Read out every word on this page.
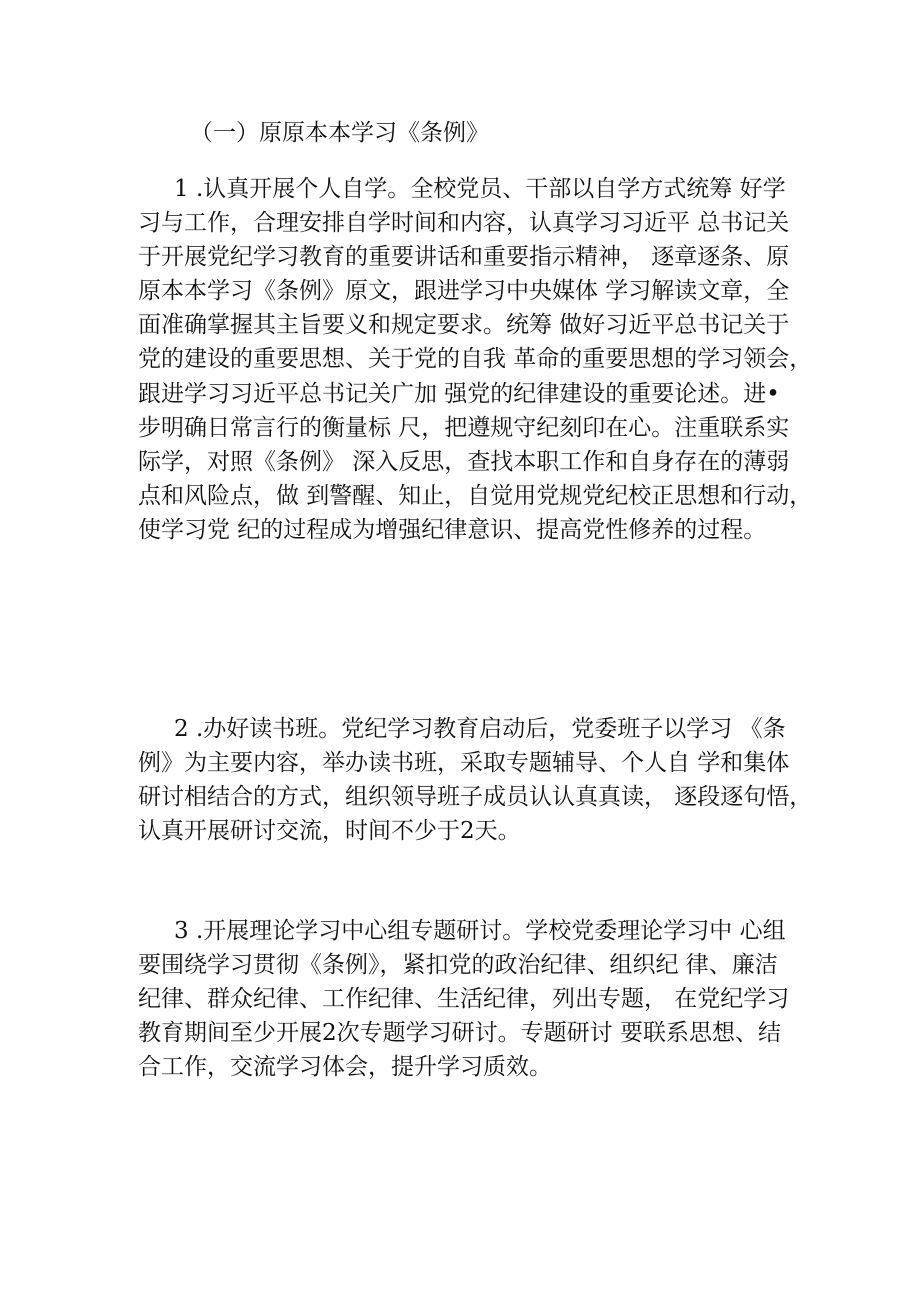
（一）原原本本学习《条例》
1 .认真开展个人自学。全校党员、干部以自学方式统筹 好学
习与工作，合理安排自学时间和内容，认真学习习近平 总书记关
于开展党纪学习教育的重要讲话和重要指示精神， 逐章逐条、原
原本本学习《条例》原文，跟进学习中央媒体 学习解读文章，全
面准确掌握其主旨要义和规定要求。统筹 做好习近平总书记关于
党的建设的重要思想、关于党的自我 革命的重要思想的学习领会，
跟进学习习近平总书记关广加 强党的纪律建设的重要论述。进•
步明确日常言行的衡量标 尺，把遵规守纪刻印在心。注重联系实
际学，对照《条例》 深入反思，查找本职工作和自身存在的薄弱
点和风险点，做 到警醒、知止，自觉用党规党纪校正思想和行动，
使学习党 纪的过程成为增强纪律意识、提高党性修养的过程。
2 .办好读书班。党纪学习教育启动后，党委班子以学习 《条
例》为主要内容，举办读书班，采取专题辅导、个人自 学和集体
研讨相结合的方式，组织领导班子成员认认真真读， 逐段逐句悟，
认真开展研讨交流，时间不少于2天。
3 .开展理论学习中心组专题研讨。学校党委理论学习中 心组
要围绕学习贯彻《条例》，紧扣党的政治纪律、组织纪 律、廉洁
纪律、群众纪律、工作纪律、生活纪律，列出专题， 在党纪学习
教育期间至少开展2次专题学习研讨。专题研讨 要联系思想、结
合工作，交流学习体会，提升学习质效。
